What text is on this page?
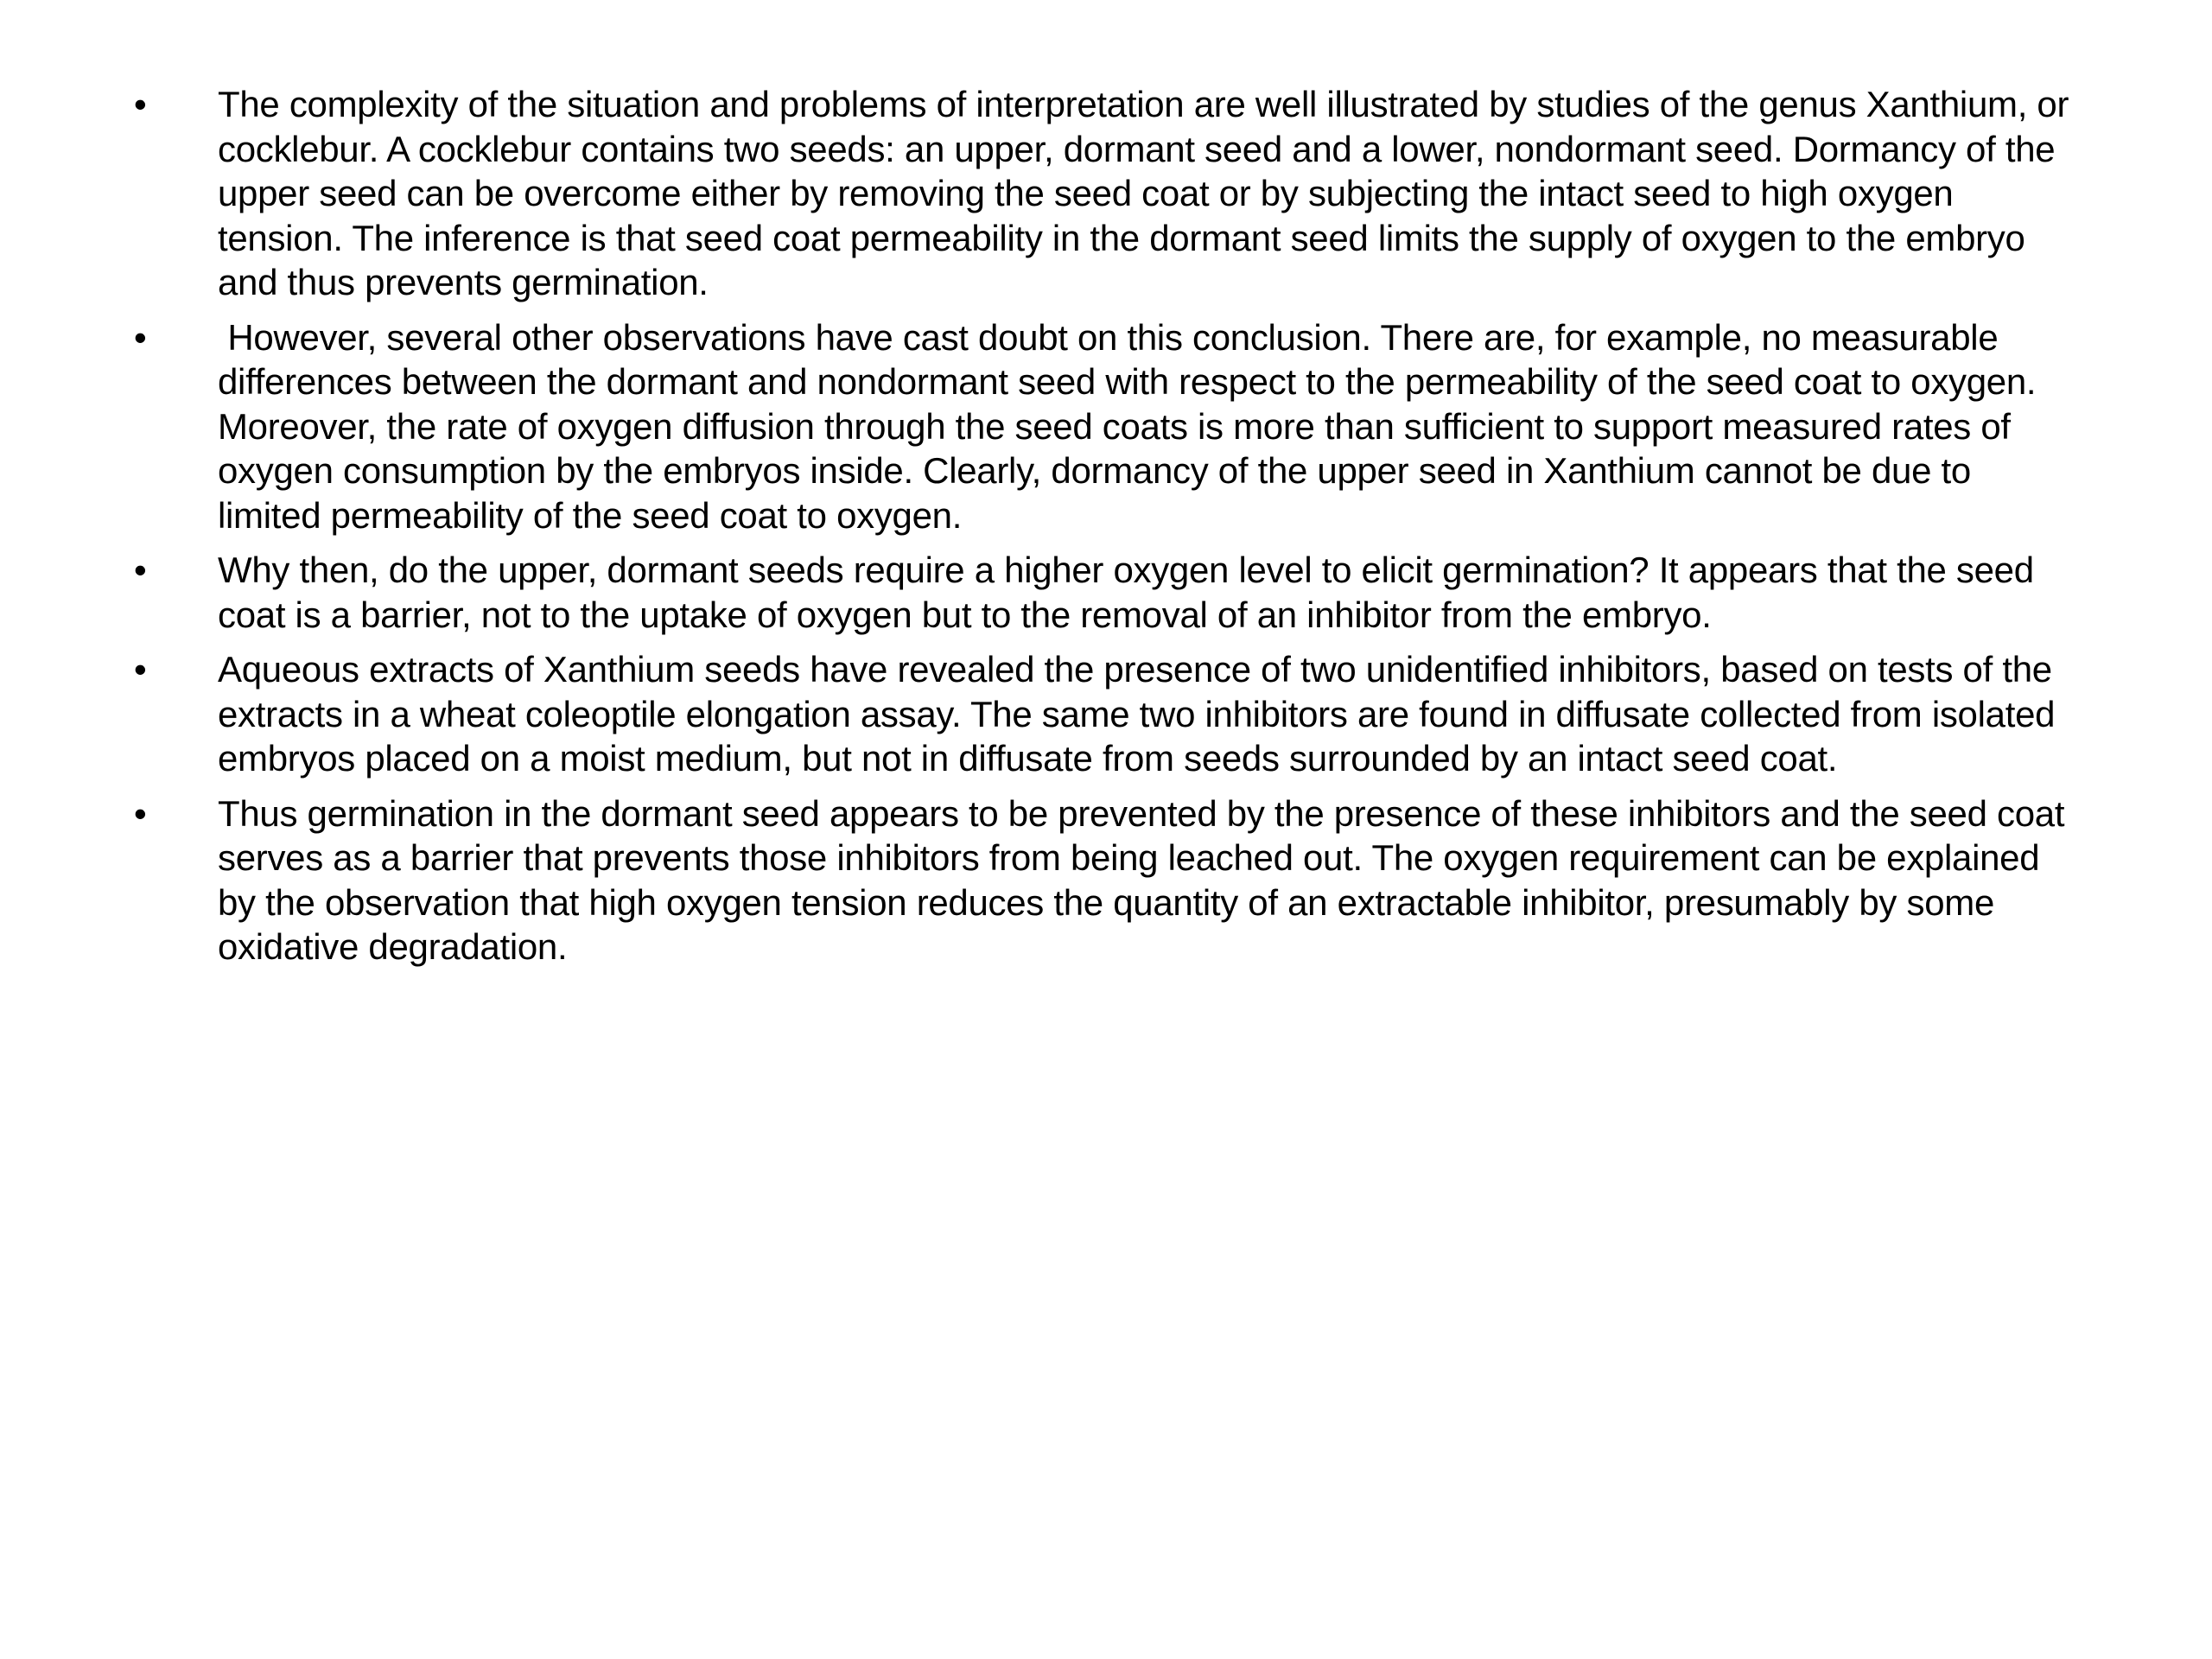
•	The complexity of the situation and problems of interpretation are well illustrated by studies of the genus Xanthium, or cocklebur. A cocklebur contains two seeds: an upper, dormant seed and a lower, nondormant seed. Dormancy of the upper seed can be overcome either by removing the seed coat or by subjecting the intact seed to high oxygen tension. The inference is that seed coat permeability in the dormant seed limits the supply of oxygen to the embryo and thus prevents germination.
•	However, several other observations have cast doubt on this conclusion. There are, for example, no measurable differences between the dormant and nondormant seed with respect to the permeability of the seed coat to oxygen. Moreover, the rate of oxygen diffusion through the seed coats is more than sufficient to support measured rates of oxygen consumption by the embryos inside. Clearly, dormancy of the upper seed in Xanthium cannot be due to limited permeability of the seed coat to oxygen.
•	Why then, do the upper, dormant seeds require a higher oxygen level to elicit germination? It appears that the seed coat is a barrier, not to the uptake of oxygen but to the removal of an inhibitor from the embryo.
•	Aqueous extracts of Xanthium seeds have revealed the presence of two unidentified inhibitors, based on tests of the extracts in a wheat coleoptile elongation assay. The same two inhibitors are found in diffusate collected from isolated embryos placed on a moist medium, but not in diffusate from seeds surrounded by an intact seed coat.
•	Thus germination in the dormant seed appears to be prevented by the presence of these inhibitors and the seed coat serves as a barrier that prevents those inhibitors from being leached out. The oxygen requirement can be explained by the observation that high oxygen tension reduces the quantity of an extractable inhibitor, presumably by some oxidative degradation.
